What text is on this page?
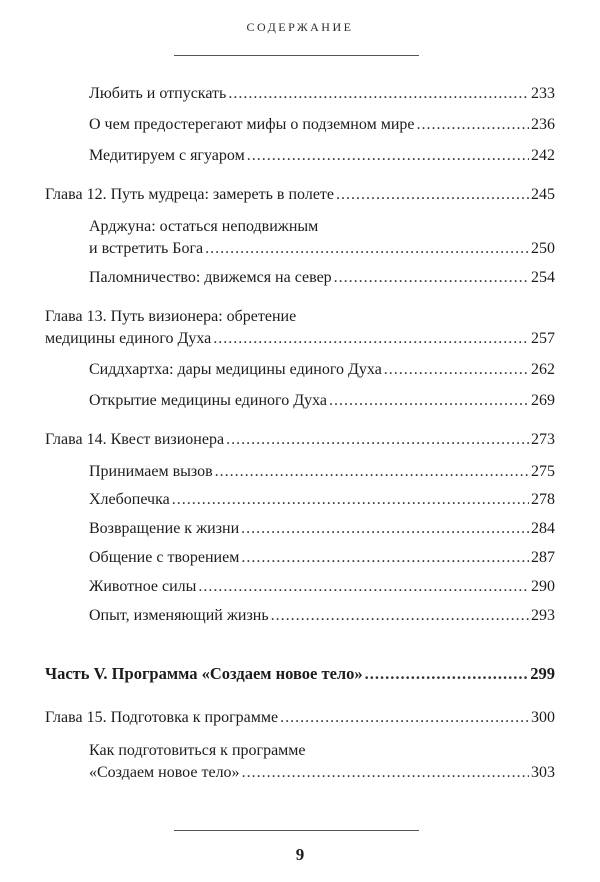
СОДЕРЖАНИЕ
Любить и отпускать .....	233
О чем предостерегают мифы о подземном мире .....	236
Медитируем с ягуаром .....	242
Глава 12. Путь мудреца: замереть в полете .....	245
Арджуна: остаться неподвижным
и встретить Бога .....	250
Паломничество: движемся на север .....	254
Глава 13. Путь визионера: обретение
медицины единого Духа .....	257
Сиддхартха: дары медицины единого Духа .....	262
Открытие медицины единого Духа .....	269
Глава 14. Квест визионера .....	273
Принимаем вызов .....	275
Хлебопечка .....	278
Возвращение к жизни .....	284
Общение с творением .....	287
Животное силы .....	290
Опыт, изменяющий жизнь .....	293
Часть V. Программа «Создаем новое тело» .....	299
Глава 15. Подготовка к программе .....	300
Как подготовиться к программе
«Создаем новое тело» .....	303
9
